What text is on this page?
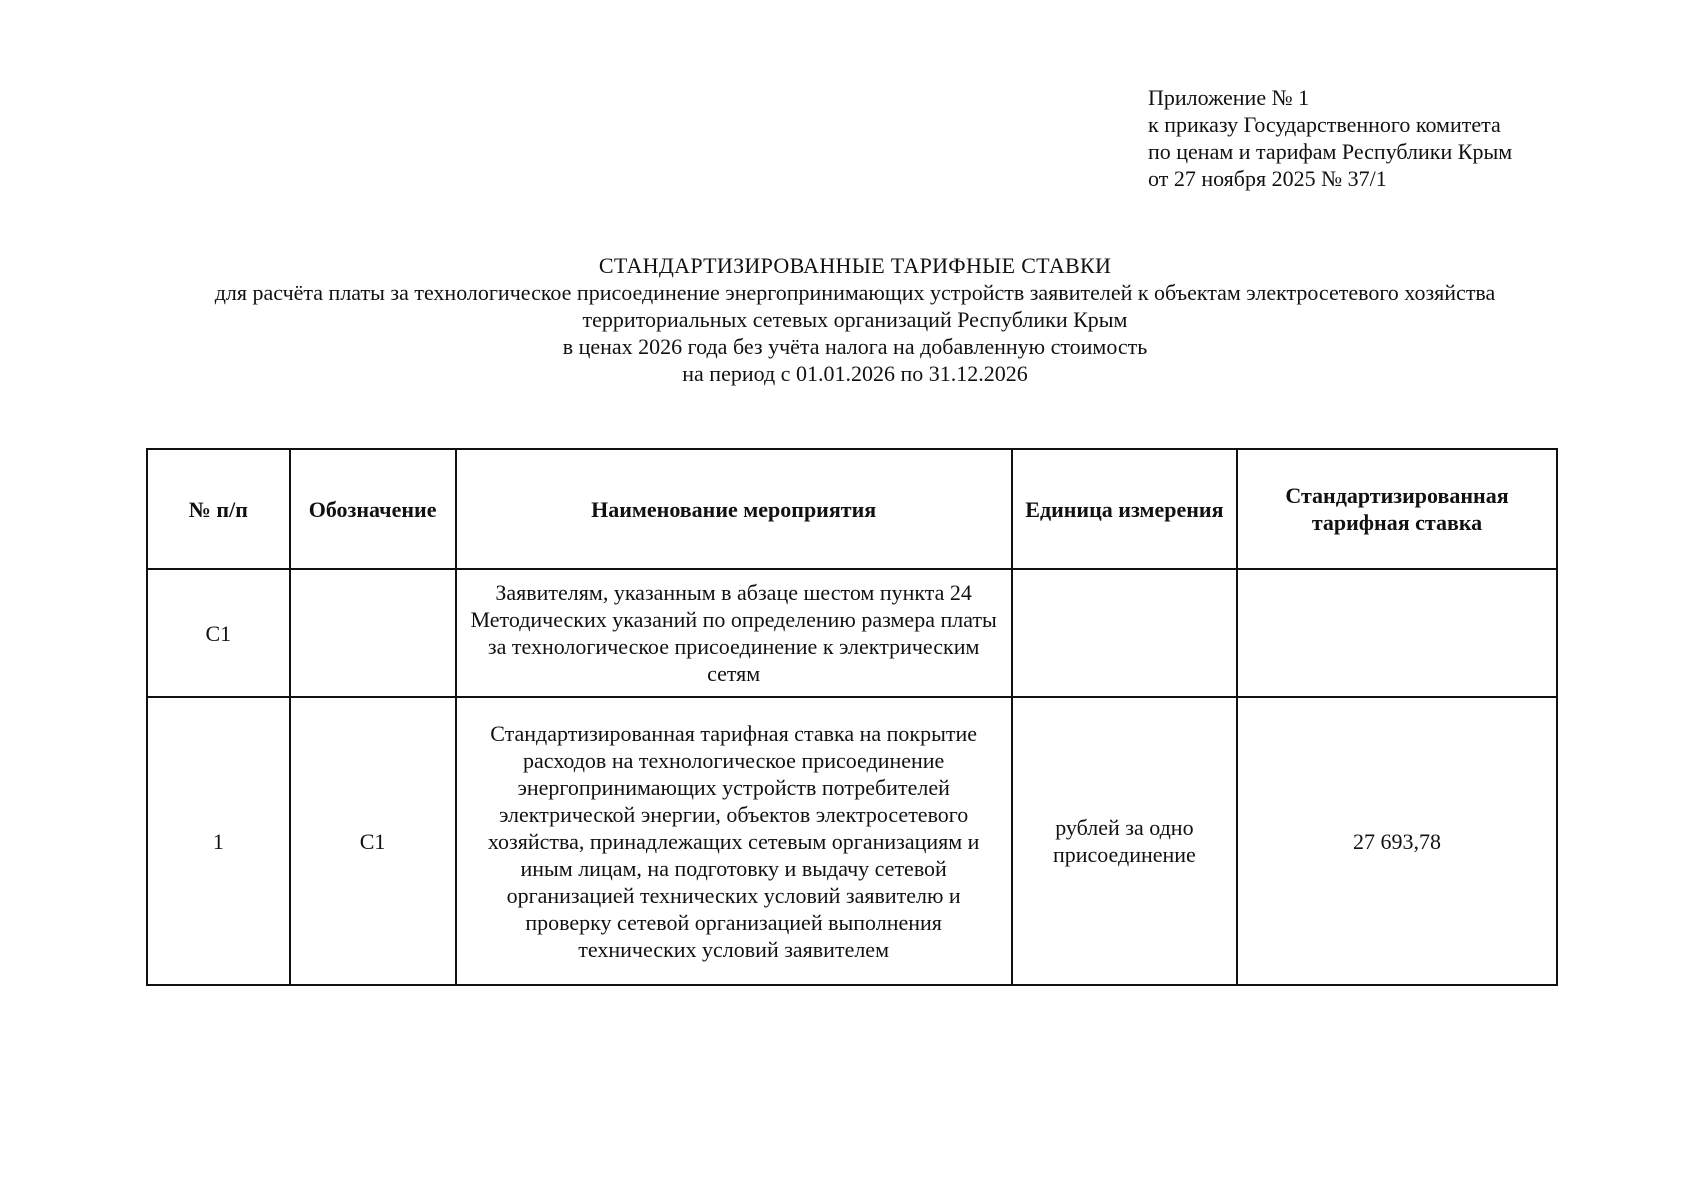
Приложение № 1
к приказу Государственного комитета
по ценам и тарифам Республики Крым
от 27 ноября 2025 № 37/1
СТАНДАРТИЗИРОВАННЫЕ ТАРИФНЫЕ СТАВКИ
для расчёта платы за технологическое присоединение энергопринимающих устройств заявителей к объектам электросетевого хозяйства
территориальных сетевых организаций Республики Крым
в ценах 2026 года без учёта налога на добавленную стоимость
на период с 01.01.2026 по 31.12.2026
№ п/п	Обозначение	Наименование мероприятия	Единица измерения	Стандартизированная тарифная ставка
С1		Заявителям, указанным в абзаце шестом пункта 24 Методических указаний по определению размера платы за технологическое присоединение к электрическим сетям		
1	С1	Стандартизированная тарифная ставка на покрытие расходов на технологическое присоединение энергопринимающих устройств потребителей электрической энергии, объектов электросетевого хозяйства, принадлежащих сетевым организациям и иным лицам, на подготовку и выдачу сетевой организацией технических условий заявителю и проверку сетевой организацией выполнения технических условий заявителем	рублей за одно присоединение	27 693,78
